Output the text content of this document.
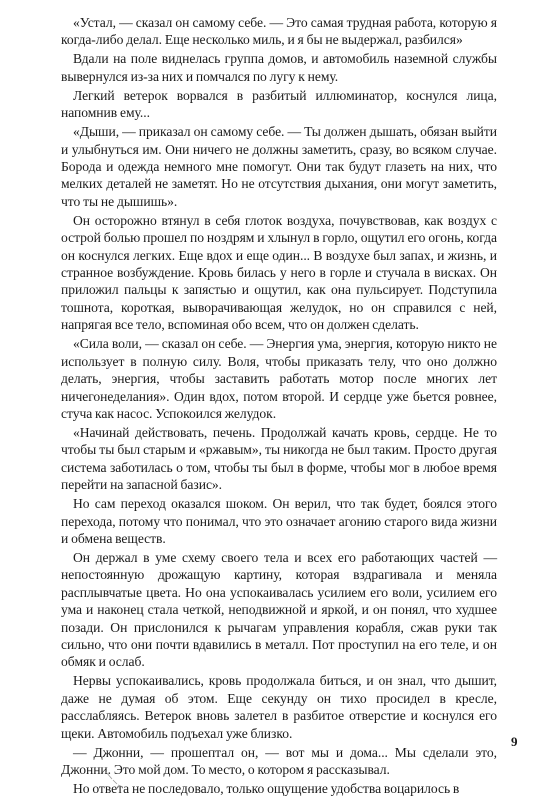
«Устал, — сказал он самому себе. — Это самая трудная работа, которую я когда-либо делал. Еще несколько миль, и я бы не выдержал, разбился»

Вдали на поле виднелась группа домов, и автомобиль наземной службы вывернулся из-за них и помчался по лугу к нему.

Легкий ветерок ворвался в разбитый иллюминатор, коснулся лица, напомнив ему...

«Дыши, — приказал он самому себе. — Ты должен дышать, обязан выйти и улыбнуться им. Они ничего не должны заметить, сразу, во всяком случае. Борода и одежда немного мне помогут. Они так будут глазеть на них, что мелких деталей не заметят. Но не отсутствия дыхания, они могут заметить, что ты не дышишь».

Он осторожно втянул в себя глоток воздуха, почувствовав, как воздух с острой болью прошел по ноздрям и хлынул в горло, ощутил его огонь, когда он коснулся легких. Еще вдох и еще один... В воздухе был запах, и жизнь, и странное возбуждение. Кровь билась у него в горле и стучала в висках. Он приложил пальцы к запястью и ощутил, как она пульсирует. Подступила тошнота, короткая, выворачивающая желудок, но он справился с ней, напрягая все тело, вспоминая обо всем, что он должен сделать.

«Сила воли, — сказал он себе. — Энергия ума, энергия, которую никто не использует в полную силу. Воля, чтобы приказать телу, что оно должно делать, энергия, чтобы заставить работать мотор после многих лет ничегонеделания». Один вдох, потом второй. И сердце уже бьется ровнее, стуча как насос. Успокоился желудок.

«Начинай действовать, печень. Продолжай качать кровь, сердце. Не то чтобы ты был старым и «ржавым», ты никогда не был таким. Просто другая система заботилась о том, чтобы ты был в форме, чтобы мог в любое время перейти на запасной базис».

Но сам переход оказался шоком. Он верил, что так будет, боялся этого перехода, потому что понимал, что это означает агонию старого вида жизни и обмена веществ.

Он держал в уме схему своего тела и всех его работающих частей — непостоянную дрожащую картину, которая вздрагивала и меняла расплывчатые цвета. Но она успокаивалась усилием его воли, усилием его ума и наконец стала четкой, неподвижной и яркой, и он понял, что худшее позади. Он прислонился к рычагам управления корабля, сжав руки так сильно, что они почти вдавились в металл. Пот проступил на его теле, и он обмяк и ослаб.

Нервы успокаивались, кровь продолжала биться, и он знал, что дышит, даже не думая об этом. Еще секунду он тихо просидел в кресле, расслабляясь. Ветерок вновь залетел в разбитое отверстие и коснулся его щеки. Автомобиль подъехал уже близко.

— Джонни, — прошептал он, — вот мы и дома... Мы сделали это, Джонни. Это мой дом. То место, о котором я рассказывал.

Но ответа не последовало, только ощущение удобства воцарилось в

9
